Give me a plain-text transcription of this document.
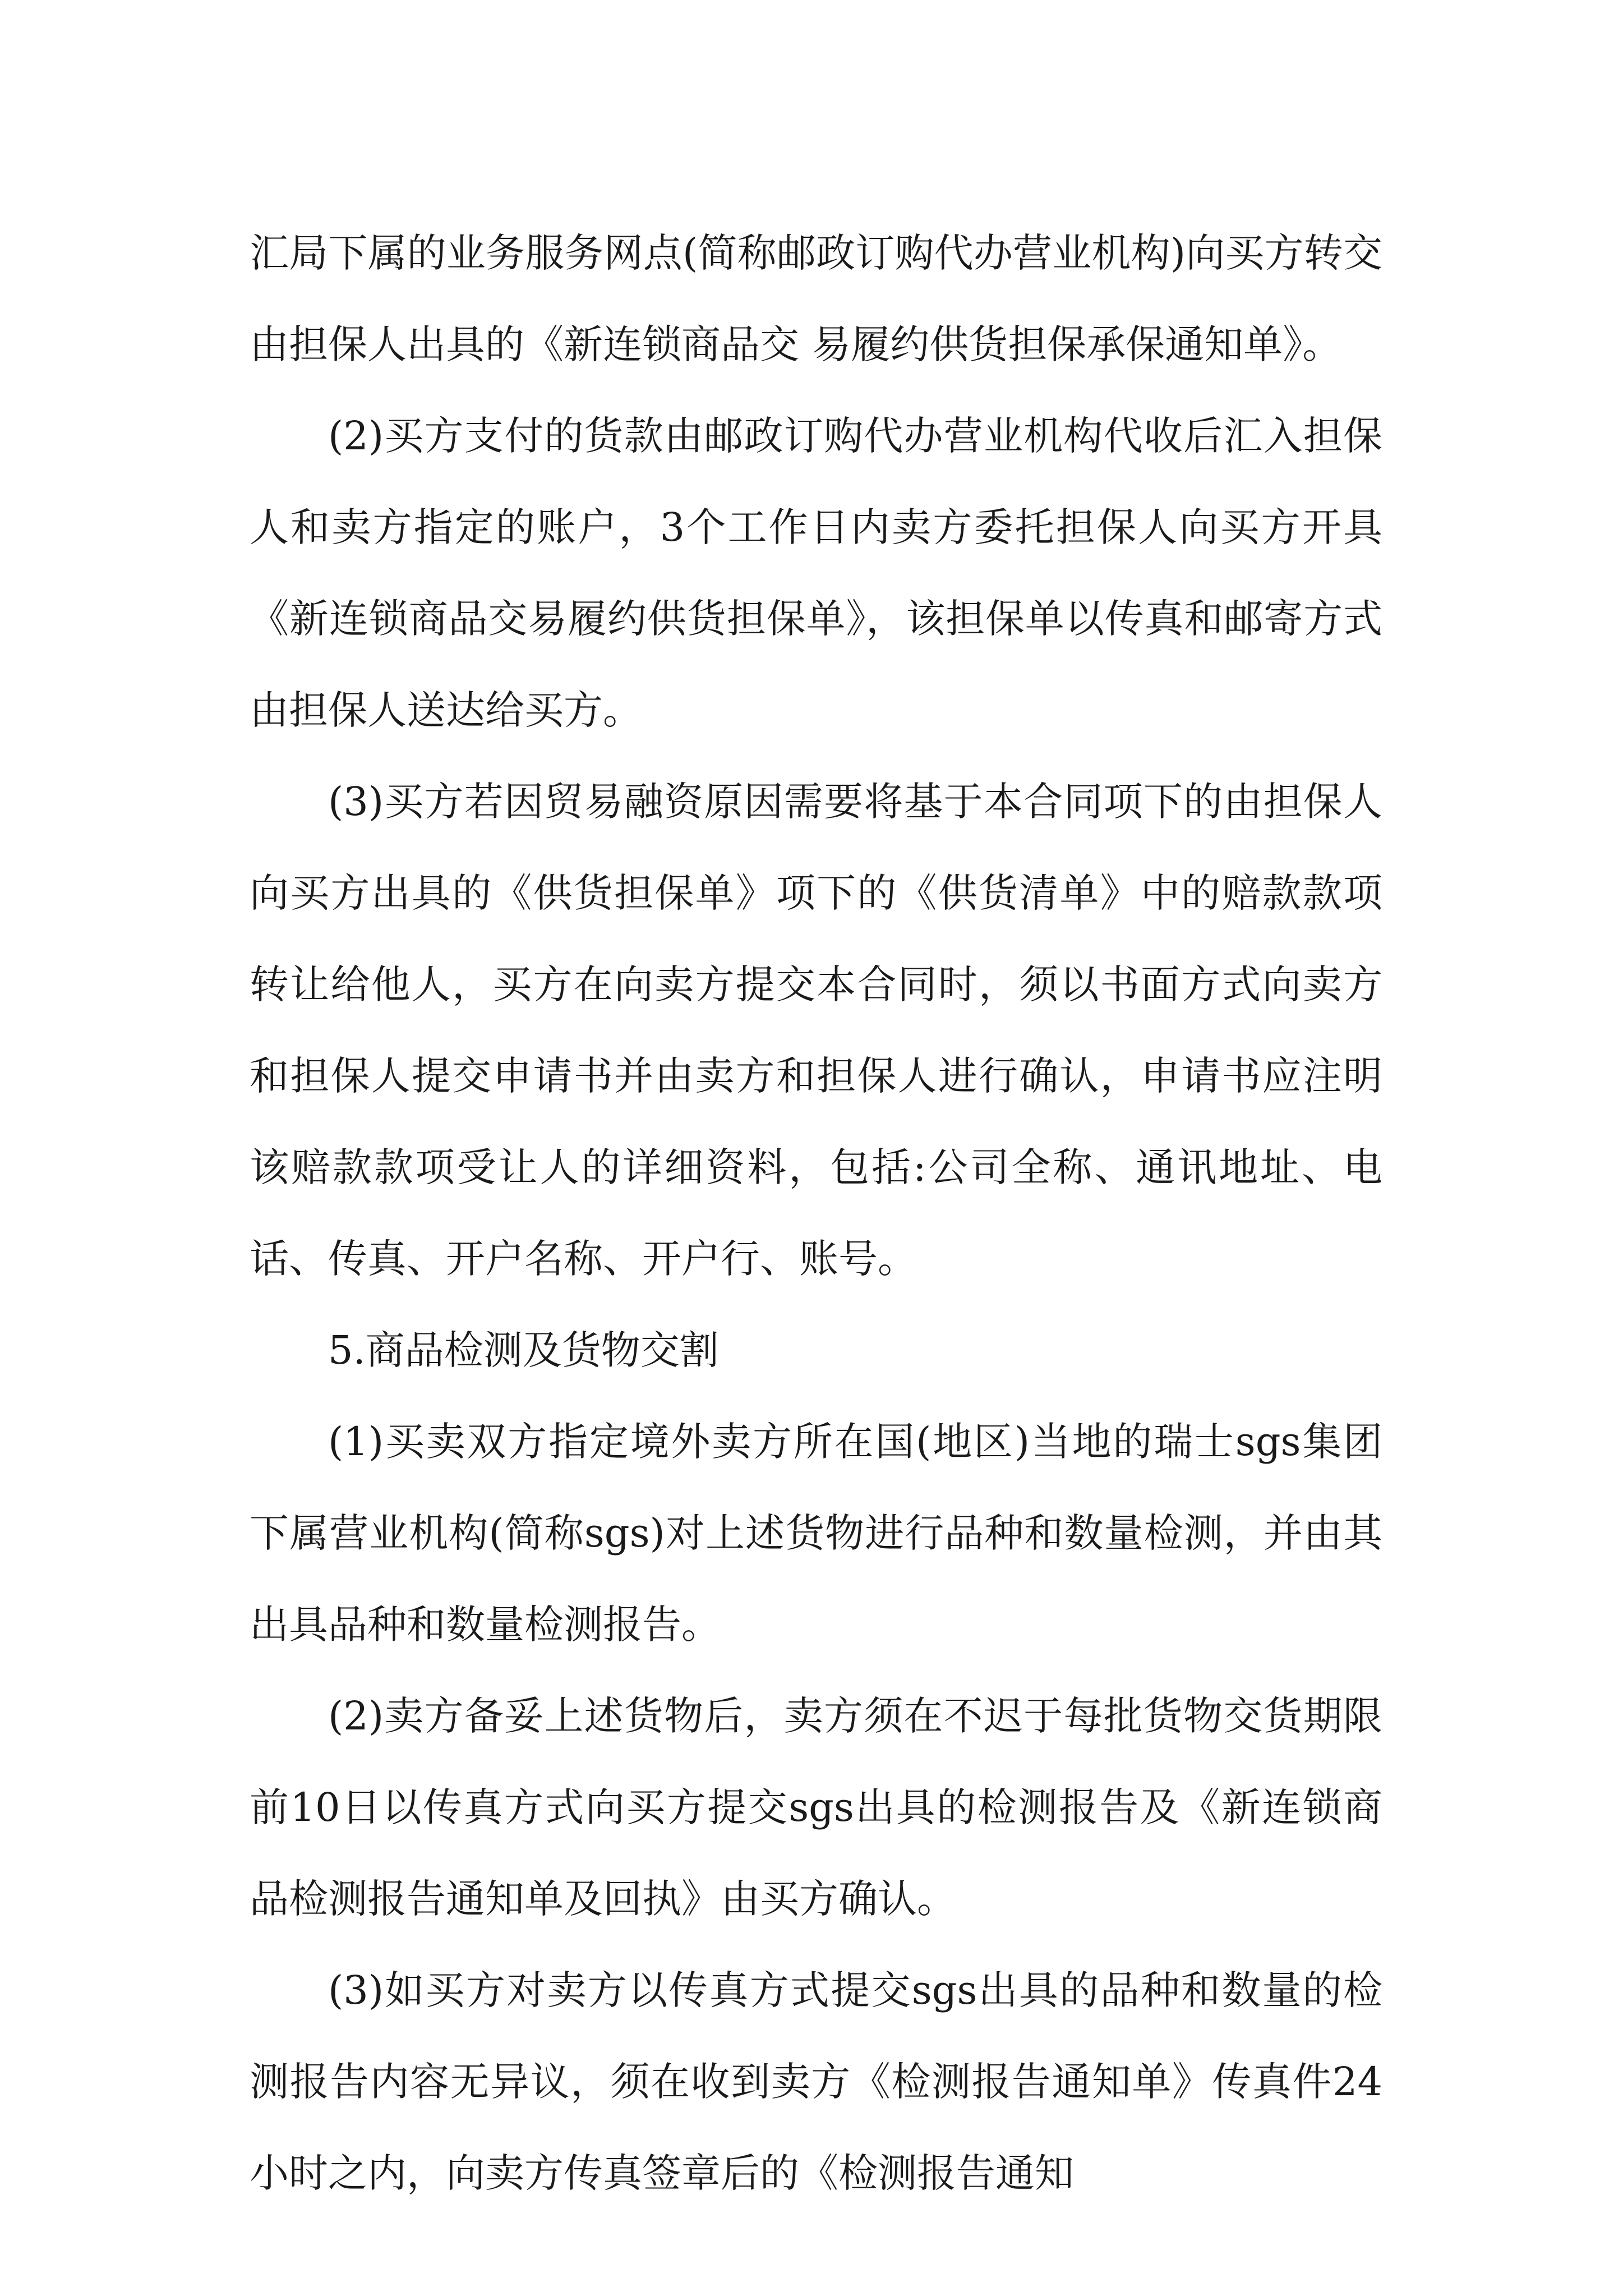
汇局下属的业务服务网点(简称邮政订购代办营业机构)向买方转交由担保人出具的《新连锁商品交 易履约供货担保承保通知单》。

(2)买方支付的货款由邮政订购代办营业机构代收后汇入担保人和卖方指定的账户，3个工作日内卖方委托担保人向买方开具《新连锁商品交易履约供货担保单》，该担保单以传真和邮寄方式由担保人送达给买方。

(3)买方若因贸易融资原因需要将基于本合同项下的由担保人向买方出具的《供货担保单》项下的《供货清单》中的赔款款项转让给他人，买方在向卖方提交本合同时，须以书面方式向卖方和担保人提交申请书并由卖方和担保人进行确认，申请书应注明该赔款款项受让人的详细资料，包括:公司全称、通讯地址、电话、传真、开户名称、开户行、账号。

5.商品检测及货物交割

(1)买卖双方指定境外卖方所在国(地区)当地的瑞士sgs集团下属营业机构(简称sgs)对上述货物进行品种和数量检测，并由其出具品种和数量检测报告。

(2)卖方备妥上述货物后，卖方须在不迟于每批货物交货期限前10日以传真方式向买方提交sgs出具的检测报告及《新连锁商品检测报告通知单及回执》由买方确认。

(3)如买方对卖方以传真方式提交sgs出具的品种和数量的检测报告内容无异议，须在收到卖方《检测报告通知单》传真件24小时之内，向卖方传真签章后的《检测报告通知
